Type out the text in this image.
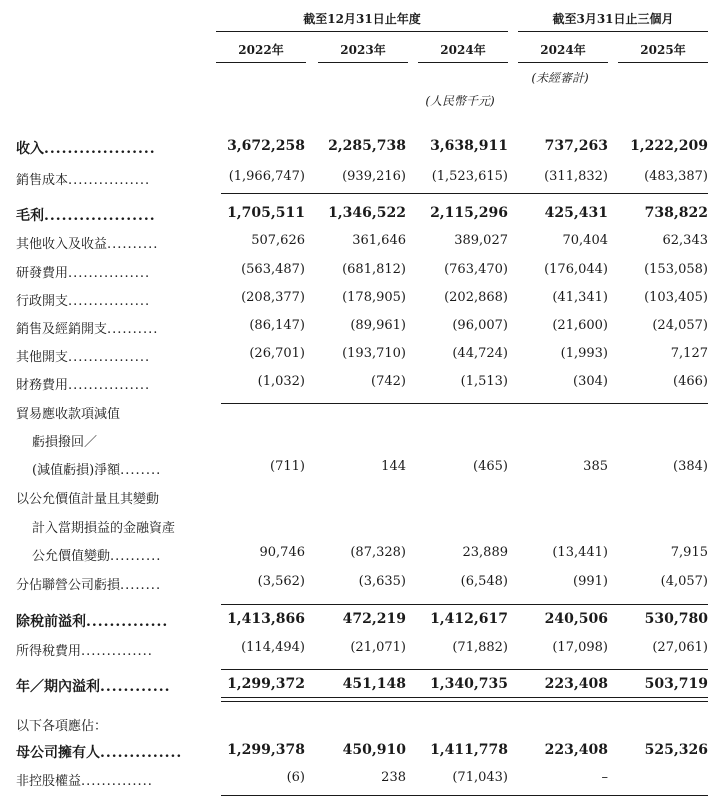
截至12月31日止年度	截至3月31日止三個月
2022年	2023年	2024年	2024年	2025年
(未經審計)
(人民幣千元)
收入...................	3,672,258	2,285,738	3,638,911	737,263	1,222,209
銷售成本................	(1,966,747)	(939,216)	(1,523,615)	(311,832)	(483,387)
毛利...................	1,705,511	1,346,522	2,115,296	425,431	738,822
其他收入及收益..........	507,626	361,646	389,027	70,404	62,343
研發費用................	(563,487)	(681,812)	(763,470)	(176,044)	(153,058)
行政開支................	(208,377)	(178,905)	(202,868)	(41,341)	(103,405)
銷售及經銷開支..........	(86,147)	(89,961)	(96,007)	(21,600)	(24,057)
其他開支................	(26,701)	(193,710)	(44,724)	(1,993)	7,127
財務費用................	(1,032)	(742)	(1,513)	(304)	(466)
貿易應收款項減值
虧損撥回／
(減值虧損)淨額........	(711)	144	(465)	385	(384)
以公允價值計量且其變動
計入當期損益的金融資產
公允價值變動..........	90,746	(87,328)	23,889	(13,441)	7,915
分佔聯營公司虧損........	(3,562)	(3,635)	(6,548)	(991)	(4,057)
除稅前溢利..............	1,413,866	472,219	1,412,617	240,506	530,780
所得稅費用..............	(114,494)	(21,071)	(71,882)	(17,098)	(27,061)
年／期內溢利............	1,299,372	451,148	1,340,735	223,408	503,719
以下各項應佔：
母公司擁有人..............	1,299,378	450,910	1,411,778	223,408	525,326
非控股權益..............	(6)	238	(71,043)	–
